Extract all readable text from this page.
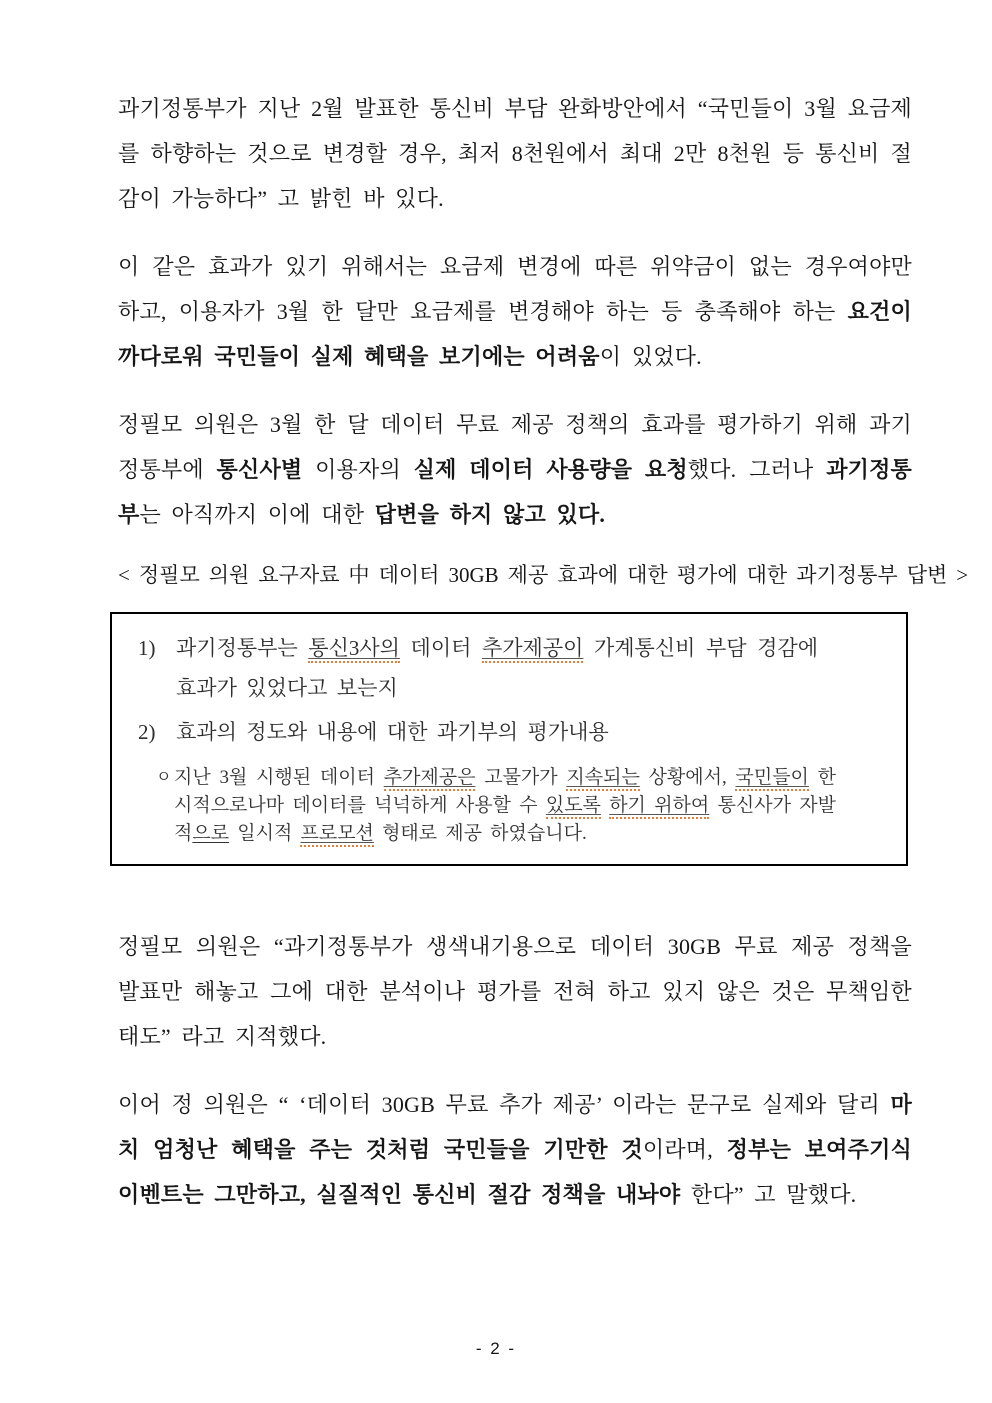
과기정통부가 지난 2월 발표한 통신비 부담 완화방안에서 “국민들이 3월 요금제를 하향하는 것으로 변경할 경우, 최저 8천원에서 최대 2만 8천원 등 통신비 절감이 가능하다” 고 밝힌 바 있다.

이 같은 효과가 있기 위해서는 요금제 변경에 따른 위약금이 없는 경우여야만 하고, 이용자가 3월 한 달만 요금제를 변경해야 하는 등 충족해야 하는 요건이 까다로워 국민들이 실제 혜택을 보기에는 어려움이 있었다.

정필모 의원은 3월 한 달 데이터 무료 제공 정책의 효과를 평가하기 위해 과기정통부에 통신사별 이용자의 실제 데이터 사용량을 요청했다. 그러나 과기정통부는 아직까지 이에 대한 답변을 하지 않고 있다.

< 정필모 의원 요구자료 中 데이터 30GB 제공 효과에 대한 평가에 대한 과기정통부 답변 >

1) 과기정통부는 통신3사의 데이터 추가제공이 가계통신비 부담 경감에 효과가 있었다고 보는지
2) 효과의 정도와 내용에 대한 과기부의 평가내용
ㅇ 지난 3월 시행된 데이터 추가제공은 고물가가 지속되는 상황에서, 국민들이 한시적으로나마 데이터를 넉넉하게 사용할 수 있도록 하기 위하여 통신사가 자발적으로 일시적 프로모션 형태로 제공 하였습니다.

정필모 의원은 “과기정통부가 생색내기용으로 데이터 30GB 무료 제공 정책을 발표만 해놓고 그에 대한 분석이나 평가를 전혀 하고 있지 않은 것은 무책임한 태도” 라고 지적했다.

이어 정 의원은 “ ‘데이터 30GB 무료 추가 제공’ 이라는 문구로 실제와 달리 마치 엄청난 혜택을 주는 것처럼 국민들을 기만한 것이라며, 정부는 보여주기식 이벤트는 그만하고, 실질적인 통신비 절감 정책을 내놔야 한다” 고 말했다.

- 2 -
